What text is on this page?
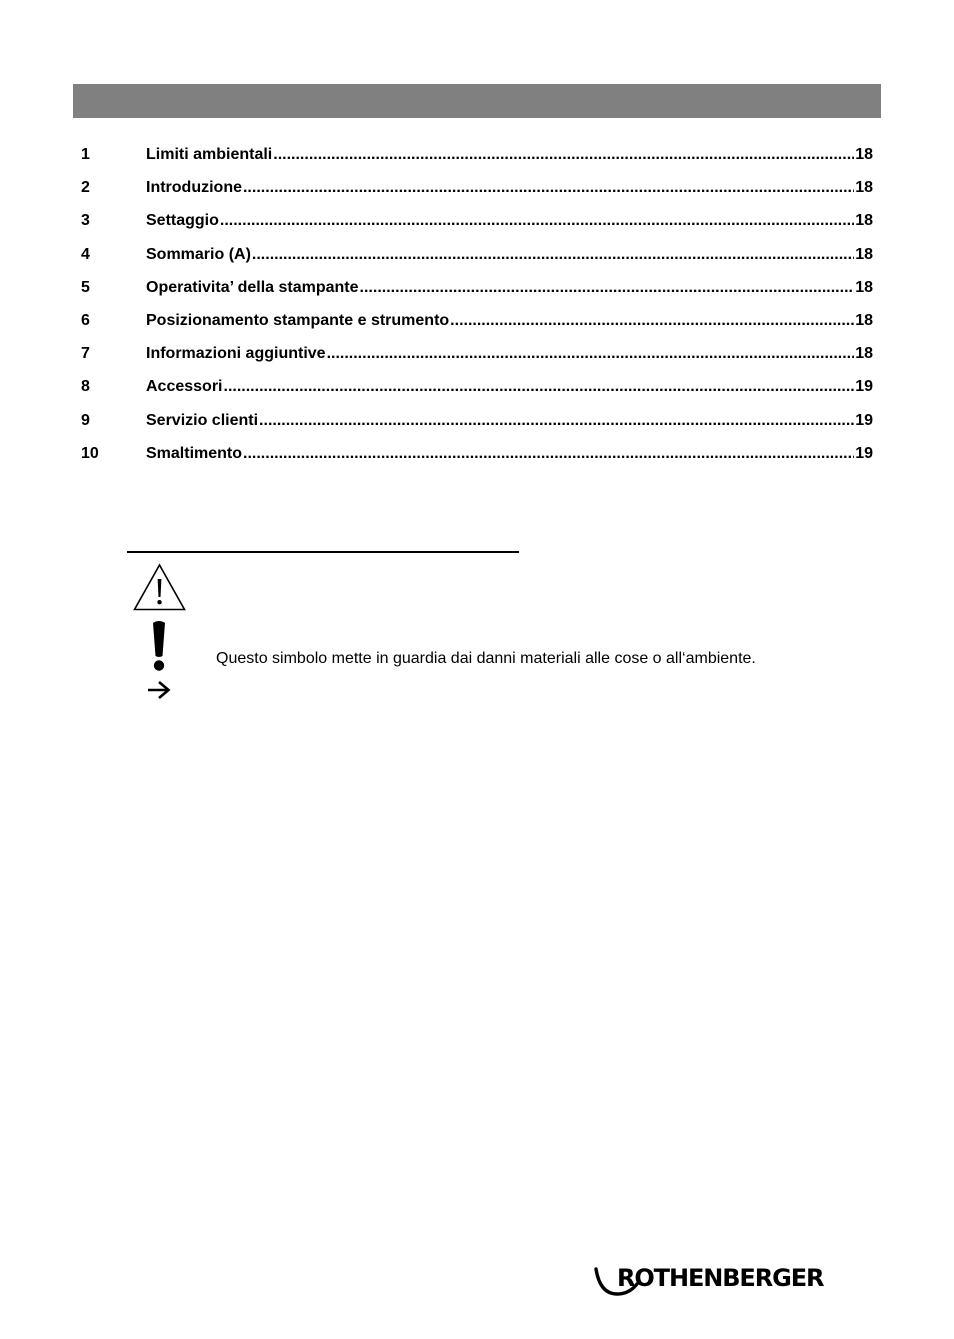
1	Limiti ambientali .....	18
2	Introduzione .....	18
3	Settaggio .....	18
4	Sommario (A) .....	18
5	Operativita’ della stampante .....	18
6	Posizionamento stampante e strumento .....	18
7	Informazioni aggiuntive .....	18
8	Accessori .....	19
9	Servizio clienti .....	19
10	Smaltimento .....	19
Questo simbolo mette in guardia dai danni materiali alle cose o all‘ambiente.
ROTHENBERGER
